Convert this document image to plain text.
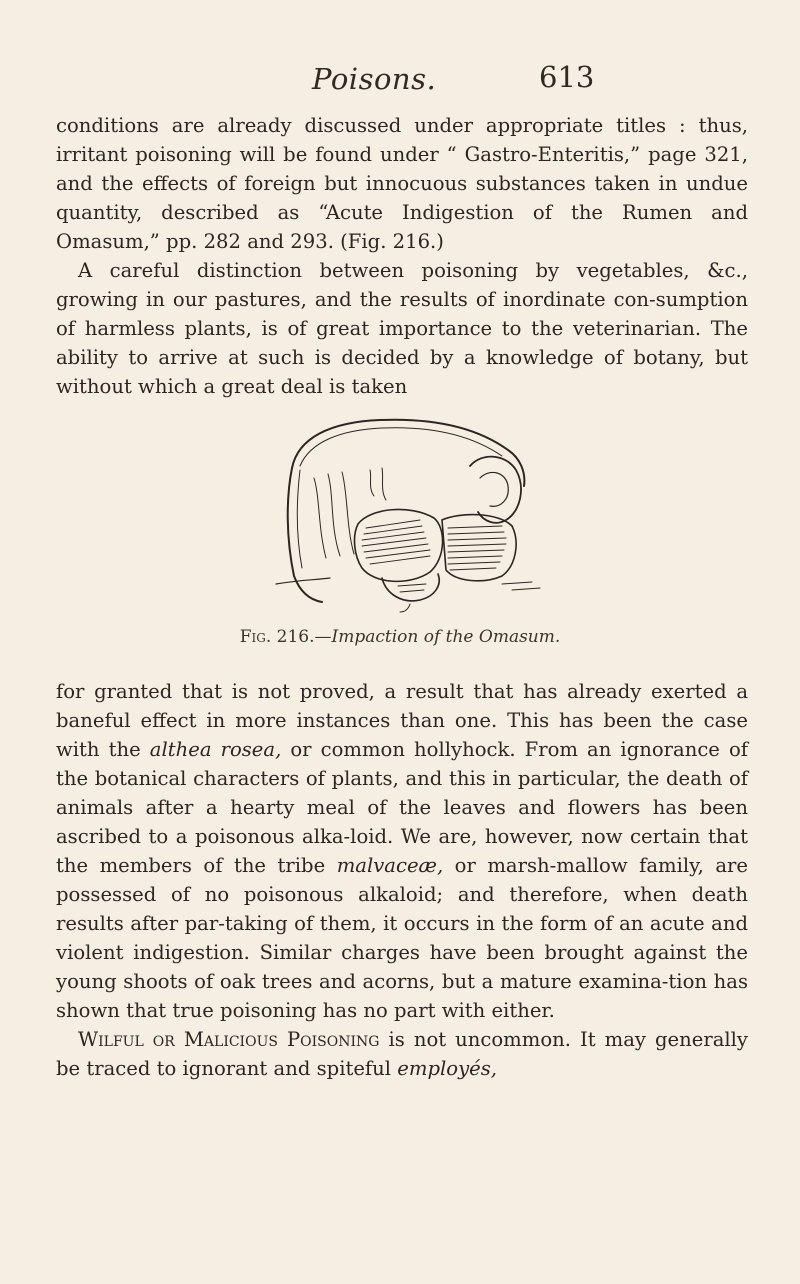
Poisons.	613

conditions are already discussed under appropriate titles : thus, irritant poisoning will be found under “ Gastro-Enteritis,” page 321, and the effects of foreign but innocuous substances taken in undue quantity, described as “Acute Indigestion of the Rumen and Omasum,” pp. 282 and 293. (Fig. 216.)

A careful distinction between poisoning by vegetables, &c., growing in our pastures, and the results of inordinate con-sumption of harmless plants, is of great importance to the veterinarian. The ability to arrive at such is decided by a knowledge of botany, but without which a great deal is taken

Fig. 216.—Impaction of the Omasum.

for granted that is not proved, a result that has already exerted a baneful effect in more instances than one. This has been the case with the althea rosea, or common hollyhock. From an ignorance of the botanical characters of plants, and this in particular, the death of animals after a hearty meal of the leaves and flowers has been ascribed to a poisonous alka-loid. We are, however, now certain that the members of the tribe malvaceæ, or marsh-mallow family, are possessed of no poisonous alkaloid; and therefore, when death results after par-taking of them, it occurs in the form of an acute and violent indigestion. Similar charges have been brought against the young shoots of oak trees and acorns, but a mature examina-tion has shown that true poisoning has no part with either.

Wilful or Malicious Poisoning is not uncommon. It may generally be traced to ignorant and spiteful employés,
